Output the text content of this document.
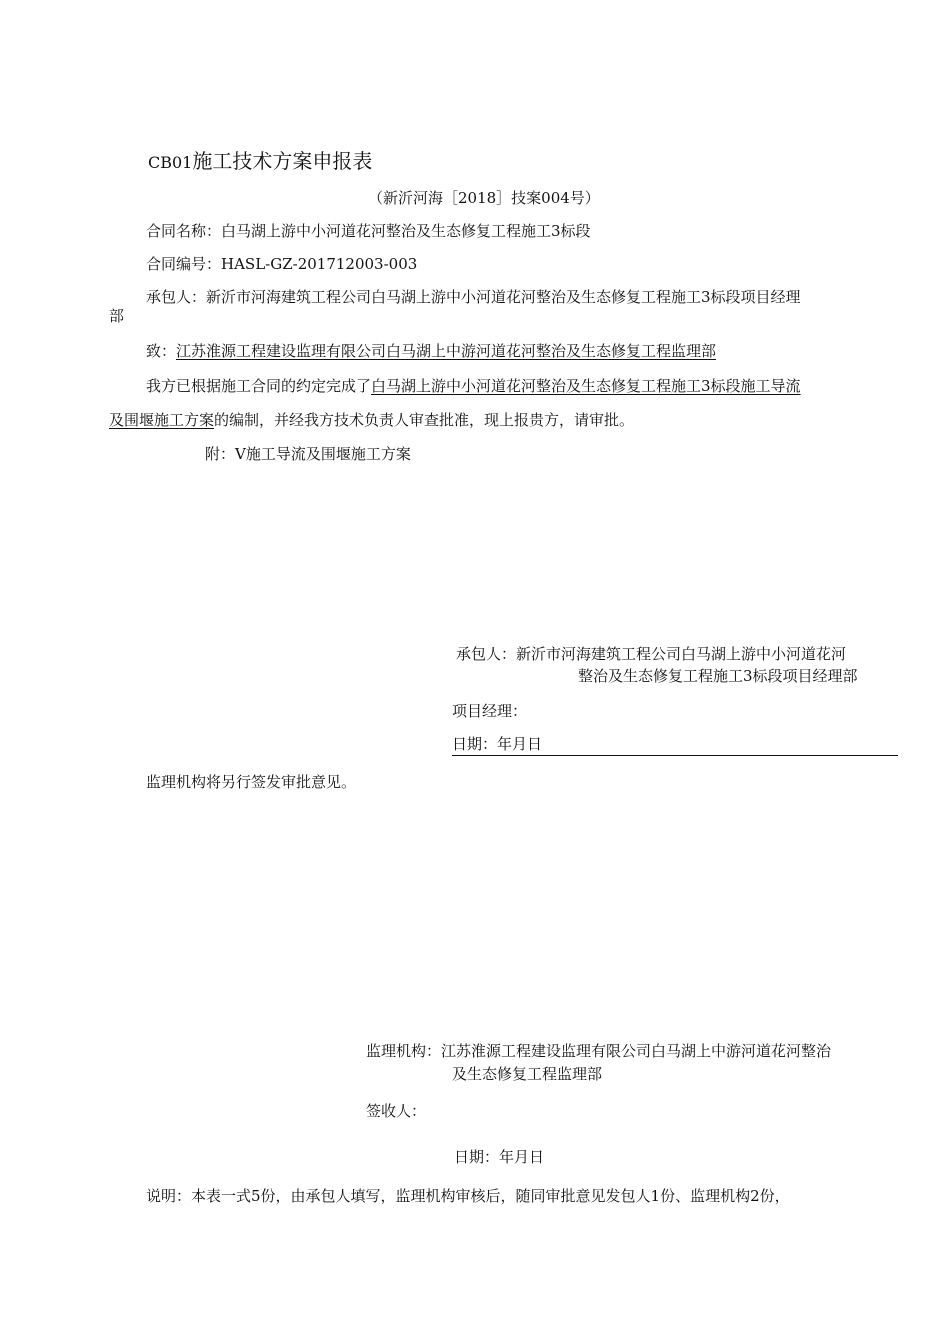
CB01施工技术方案申报表
（新沂河海［2018］技案004号）
合同名称：白马湖上游中小河道花河整治及生态修复工程施工3标段
合同编号：HASL-GZ-201712003-003
承包人：新沂市河海建筑工程公司白马湖上游中小河道花河整治及生态修复工程施工3标段项目经理
部
致：江苏淮源工程建设监理有限公司白马湖上中游河道花河整治及生态修复工程监理部
我方已根据施工合同的约定完成了白马湖上游中小河道花河整治及生态修复工程施工3标段施工导流
及围堰施工方案的编制，并经我方技术负责人审查批准，现上报贵方，请审批。
附：V施工导流及围堰施工方案
承包人：新沂市河海建筑工程公司白马湖上游中小河道花河
整治及生态修复工程施工3标段项目经理部
项目经理：
日期：年月日
监理机构将另行签发审批意见。
监理机构：江苏淮源工程建设监理有限公司白马湖上中游河道花河整治
及生态修复工程监理部
签收人：
日期：年月日
说明：本表一式5份，由承包人填写，监理机构审核后，随同审批意见发包人1份、监理机构2份，
